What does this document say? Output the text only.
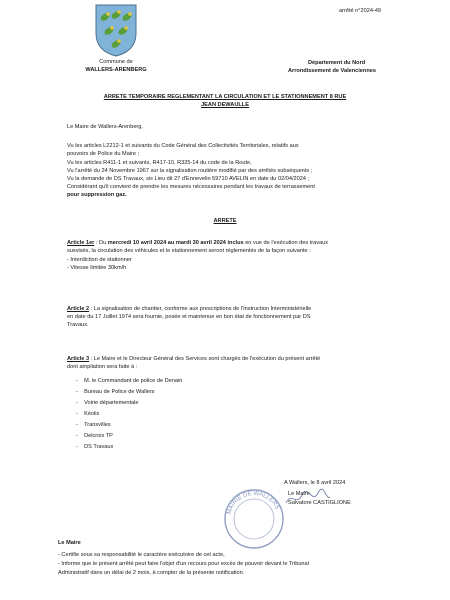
arrêté n°2024-49
Commune de
WALLERS-ARENBERG
Département du Nord
Arrondissement de Valenciennes
ARRETE TEMPORAIRE REGLEMENTANT LA CIRCULATION ET LE STATIONNEMENT 8 RUE
JEAN DEWAULLE
Le Maire de Wallers-Arenberg,
Vu les articles L2212-1 et suivants du Code Général des Collectivités Territoriales, relatifs aux
pouvoirs de Police du Maire ;
Vu les articles R411-1 et suivants, R417-10, R325-14 du code de la Route,
Vu l'arrêté du 24 Novembre 1967 sur la signalisation routière modifié par des arrêtés subséquents ;
Vu la demande de DS Travaux, sis Lieu dit 27 d'Ennevelin 59710 AVELIN en date du 02/04/2024 ;
Considérant qu'il convient de prendre les mesures nécessaires pendant les travaux de terrassement
pour suppression gaz.
ARRETE
Article 1er : Du mercredi 10 avril 2024 au mardi 30 avril 2024 inclus en vue de l'exécution des travaux
susvisés, la circulation des véhicules et le stationnement seront réglementés de la façon suivante :
- Interdiction de stationner
- Vitesse limitée 30km/h
Article 2 : La signalisation de chantier, conforme aux prescriptions de l'Instruction Interministérielle
en date du 17 Juillet 1974 sera fournie, posée et maintenue en bon état de fonctionnement par DS
Travaux.
Article 3 : Le Maire et le Directeur Général des Services sont chargés de l'exécution du présent arrêté
dont ampliation sera faite à :
-    M. le Commandant de police de Denain
-    Bureau de Police de Wallers
-    Voirie départementale
-    Kéolis
-    Transvilles
-    Delcroix TP
-    DS Travaux
A Wallers, le 8 avril 2024
MAIRIE DE WALLERS
Le Maire
Salvatore CASTIGLIONE
Le Maire
- Certifie sous sa responsabilité le caractère exécutoire de cet acte,
- Informe que le présent arrêté peut faire l'objet d'un recours pour excès de pouvoir devant le Tribunal
Administratif dans un délai de 2 mois, à compter de la présente notification.
